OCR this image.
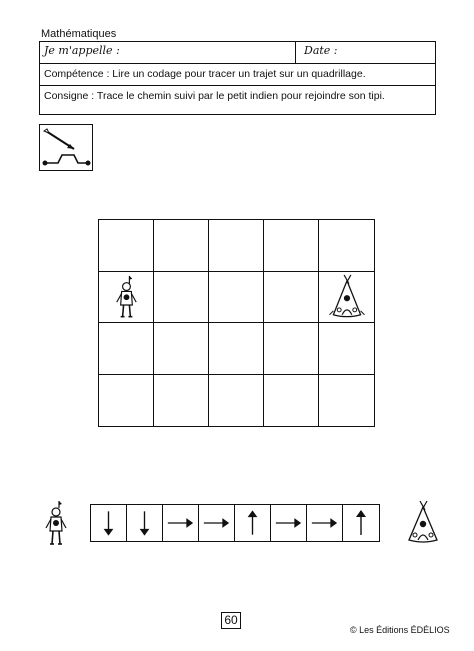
Mathématiques
Je m'appelle :	Date :
Compétence : Lire un codage pour tracer un trajet sur un quadrillage.
Consigne : Trace le chemin suivi par le petit indien pour rejoindre son tipi.
60
© Les Éditions ÉDÉLIOS
